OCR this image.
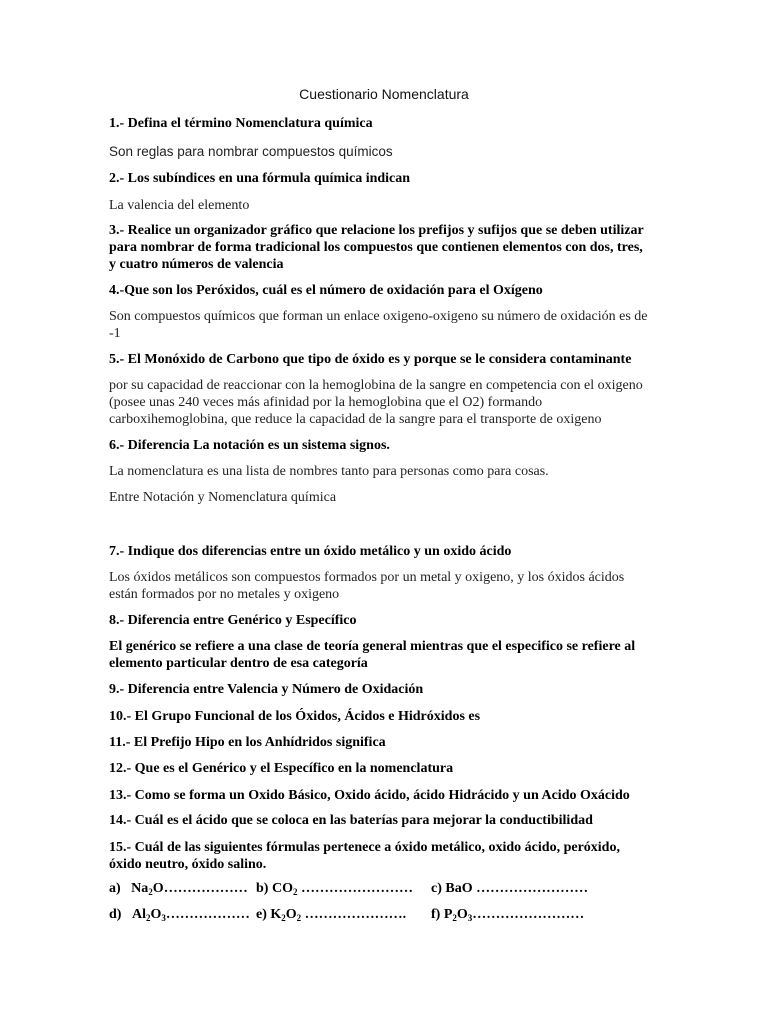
Cuestionario Nomenclatura
1.- Defina el término Nomenclatura química
Son reglas para nombrar compuestos químicos
2.- Los subíndices en una fórmula química indican
La valencia del elemento
3.- Realice un organizador gráfico que relacione los prefijos y sufijos que se deben utilizar
para nombrar de forma tradicional los compuestos que contienen elementos con dos, tres,
y cuatro números de valencia
4.-Que son los Peróxidos, cuál es el número de oxidación para el Oxígeno
Son compuestos químicos que forman un enlace oxigeno-oxigeno su número de oxidación es de
-1
5.- El Monóxido de Carbono que tipo de óxido es y porque se le considera contaminante
por su capacidad de reaccionar con la hemoglobina de la sangre en competencia con el oxigeno
(posee unas 240 veces más afinidad por la hemoglobina que el O2) formando
carboxihemoglobina, que reduce la capacidad de la sangre para el transporte de oxigeno
6.- Diferencia La notación es un sistema signos.
La nomenclatura es una lista de nombres tanto para personas como para cosas.
Entre Notación y Nomenclatura química
7.- Indique dos diferencias entre un óxido metálico y un oxido ácido
Los óxidos metálicos son compuestos formados por un metal y oxigeno, y los óxidos ácidos
están formados por no metales y oxigeno
8.- Diferencia entre Genérico y Específico
El genérico se refiere a una clase de teoría general mientras que el especifico se refiere al
elemento particular dentro de esa categoría
9.- Diferencia entre Valencia y Número de Oxidación
10.- El Grupo Funcional de los Óxidos, Ácidos e Hidróxidos es
11.- El Prefijo Hipo en los Anhídridos significa
12.- Que es el Genérico y el Específico en la nomenclatura
13.- Como se forma un Oxido Básico, Oxido ácido, ácido Hidrácido y un Acido Oxácido
14.- Cuál es el ácido que se coloca en las baterías para mejorar la conductibilidad
15.- Cuál de las siguientes fórmulas pertenece a óxido metálico, oxido ácido, peróxido,
óxido neutro, óxido salino.
a) $Na_2O\dots\dots\dots\dots\dots\dots$ b) $CO_2$ …………………… c) BaO ……………………
d) $Al_2O_3\dots\dots\dots\dots\dots\dots$ e) $K_2O_2$ …………………. f) $P_2O_3\dots\dots\dots\dots\dots\dots\dots\dots$
